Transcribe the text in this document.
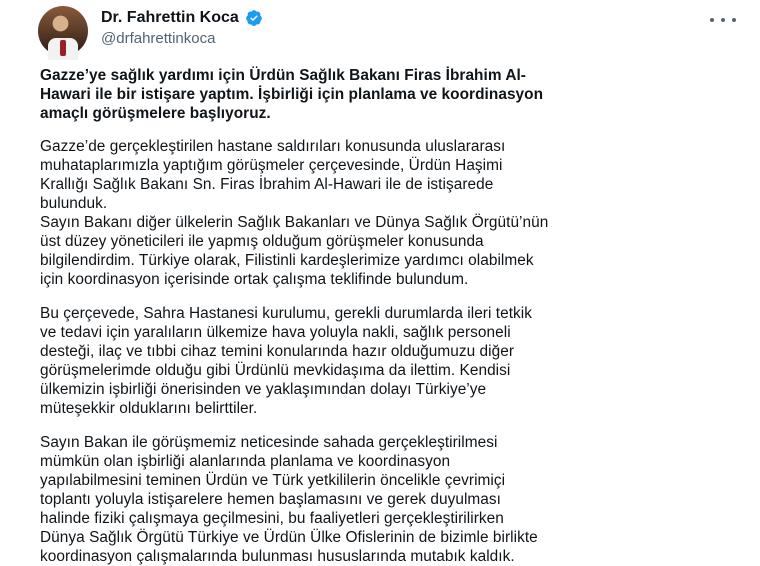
Dr. Fahrettin Koca
@drfahrettinkoca

Gazze’ye sağlık yardımı için Ürdün Sağlık Bakanı Firas İbrahim Al-
Hawari ile bir istişare yaptım. İşbirliği için planlama ve koordinasyon
amaçlı görüşmelere başlıyoruz.

Gazze’de gerçekleştirilen hastane saldırıları konusunda uluslararası
muhataplarımızla yaptığım görüşmeler çerçevesinde, Ürdün Haşimi
Krallığı Sağlık Bakanı Sn. Firas İbrahim Al-Hawari ile de istişarede
bulunduk.

Sayın Bakanı diğer ülkelerin Sağlık Bakanları ve Dünya Sağlık Örgütü’nün
üst düzey yöneticileri ile yapmış olduğum görüşmeler konusunda
bilgilendirdim. Türkiye olarak, Filistinli kardeşlerimize yardımcı olabilmek
için koordinasyon içerisinde ortak çalışma teklifinde bulundum.

Bu çerçevede, Sahra Hastanesi kurulumu, gerekli durumlarda ileri tetkik
ve tedavi için yaralıların ülkemize hava yoluyla nakli, sağlık personeli
desteği, ilaç ve tıbbi cihaz temini konularında hazır olduğumuzu diğer
görüşmelerimde olduğu gibi Ürdünlü mevkidaşıma da ilettim. Kendisi
ülkemizin işbirliği önerisinden ve yaklaşımından dolayı Türkiye’ye
müteşekkir olduklarını belirttiler.

Sayın Bakan ile görüşmemiz neticesinde sahada gerçekleştirilmesi
mümkün olan işbirliği alanlarında planlama ve koordinasyon
yapılabilmesini teminen Ürdün ve Türk yetkililerin öncelikle çevrimiçi
toplantı yoluyla istişarelere hemen başlamasını ve gerek duyulması
halinde fiziki çalışmaya geçilmesini, bu faaliyetleri gerçekleştirilirken
Dünya Sağlık Örgütü Türkiye ve Ürdün Ülke Ofislerinin de bizimle birlikte
koordinasyon çalışmalarında bulunması hususlarında mutabık kaldık.
